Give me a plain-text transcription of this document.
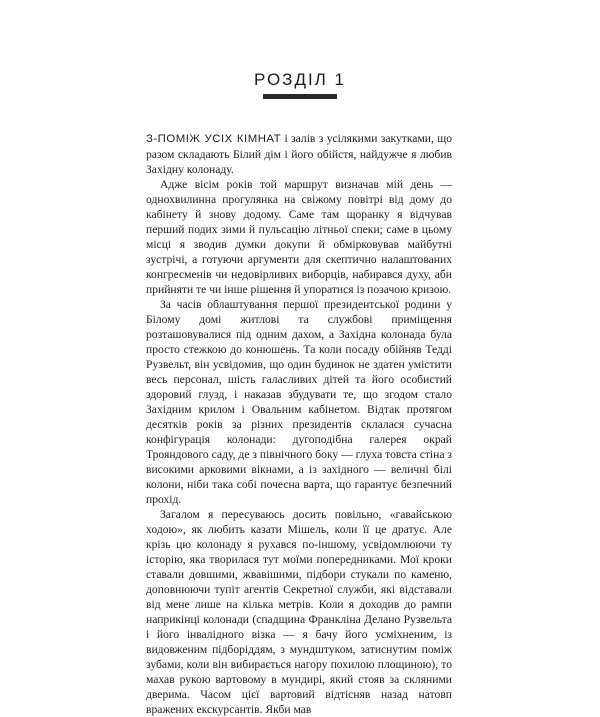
РОЗДІЛ 1

З-ПОМІЖ УСІХ КІМНАТ і залів з усілякими закутками, що разом складають Білий дім і його обійстя, найдужче я любив Західну колонаду.

Адже вісім років той маршрут визначав мій день — однохвилинна прогулянка на свіжому повітрі від дому до кабінету й знову додому. Саме там щоранку я відчував перший подих зими й пульсацію літньої спеки; саме в цьому місці я зводив думки докупи й обмірковував майбутні зустрічі, а готуючи аргументи для скептично налаштованих конгресменів чи недовірливих виборців, набирався духу, аби прийняти те чи інше рішення й упоратися із позачою кризою.

За часів облаштування першої президентської родини у Білому домі житлові та службові приміщення розташовувалися під одним дахом, а Західна колонада була просто стежкою до конюшень. Та коли посаду обійняв Тедді Рузвельт, він усвідомив, що один будинок не здатен умістити весь персонал, шість галасливих дітей та його особистий здоровий глузд, і наказав збудувати те, що згодом стало Західним крилом і Овальним кабінетом. Відтак протягом десятків років за різних президентів склалася сучасна конфігурація колонади: дугоподібна галерея окрай Трояндового саду, де з північного боку — глуха товста стіна з високими арковими вікнами, а із західного — величні білі колони, ніби така собі почесна варта, що гарантує безпечний прохід.

Загалом я пересуваюсь досить повільно, «гавайською ходою», як любить казати Мішель, коли її це дратує. Але крізь цю колонаду я рухався по-іншому, усвідомлюючи ту історію, яка творилася тут моїми попередниками. Мої кроки ставали довшими, жвавішими, підбори стукали по каменю, доповнюючи тупіт агентів Секретної служби, які відставали від мене лише на кілька метрів. Коли я доходив до рампи наприкінці колонади (спадщина Франкліна Делано Рузвельта і його інвалідного візка — я бачу його усміхненим, із видовженим підборіддям, з мундштуком, затиснутим поміж зубами, коли він вибирається нагору похилою площиною), то махав рукою вартовому в мундирі, який стояв за скляними дверима. Часом цієї вартовий відтісняв назад натовп вражених екскурсантів. Якби мав
